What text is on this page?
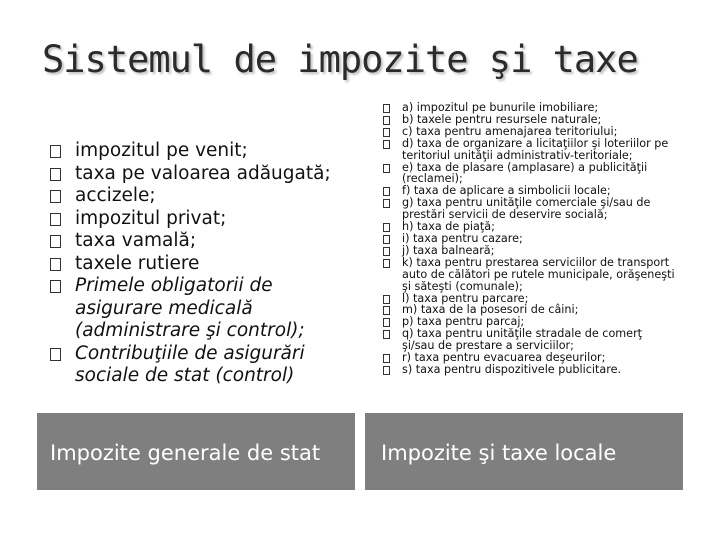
Sistemul de impozite şi taxe
impozitul pe venit;
taxa pe valoarea adăugată;
accizele;
impozitul privat;
taxa vamală;
taxele rutiere
Primele obligatorii de asigurare medicală (administrare şi control);
Contribuţiile de asigurări sociale de stat (control)
a) impozitul pe bunurile imobiliare;
b) taxele pentru resursele naturale;
c) taxa pentru amenajarea teritoriului;
d) taxa de organizare a licitaţiilor şi loteriilor pe teritoriul unităţii administrativ-teritoriale;
e) taxa de plasare (amplasare) a publicităţii (reclamei);
f) taxa de aplicare a simbolicii locale;
g) taxa pentru unităţile comerciale şi/sau de prestări servicii de deservire socială;
h) taxa de piaţă;
i) taxa pentru cazare;
j) taxa balneară;
k) taxa pentru prestarea serviciilor de transport auto de călători pe rutele municipale, orăşeneşti şi săteşti (comunale);
l) taxa pentru parcare;
m) taxa de la posesori de câini;
p) taxa pentru parcaj;
q) taxa pentru unităţile stradale de comerţ şi/sau de prestare a serviciilor;
r) taxa pentru evacuarea deşeurilor;
s) taxa pentru dispozitivele publicitare.
Impozite generale de stat	Impozite şi taxe locale
